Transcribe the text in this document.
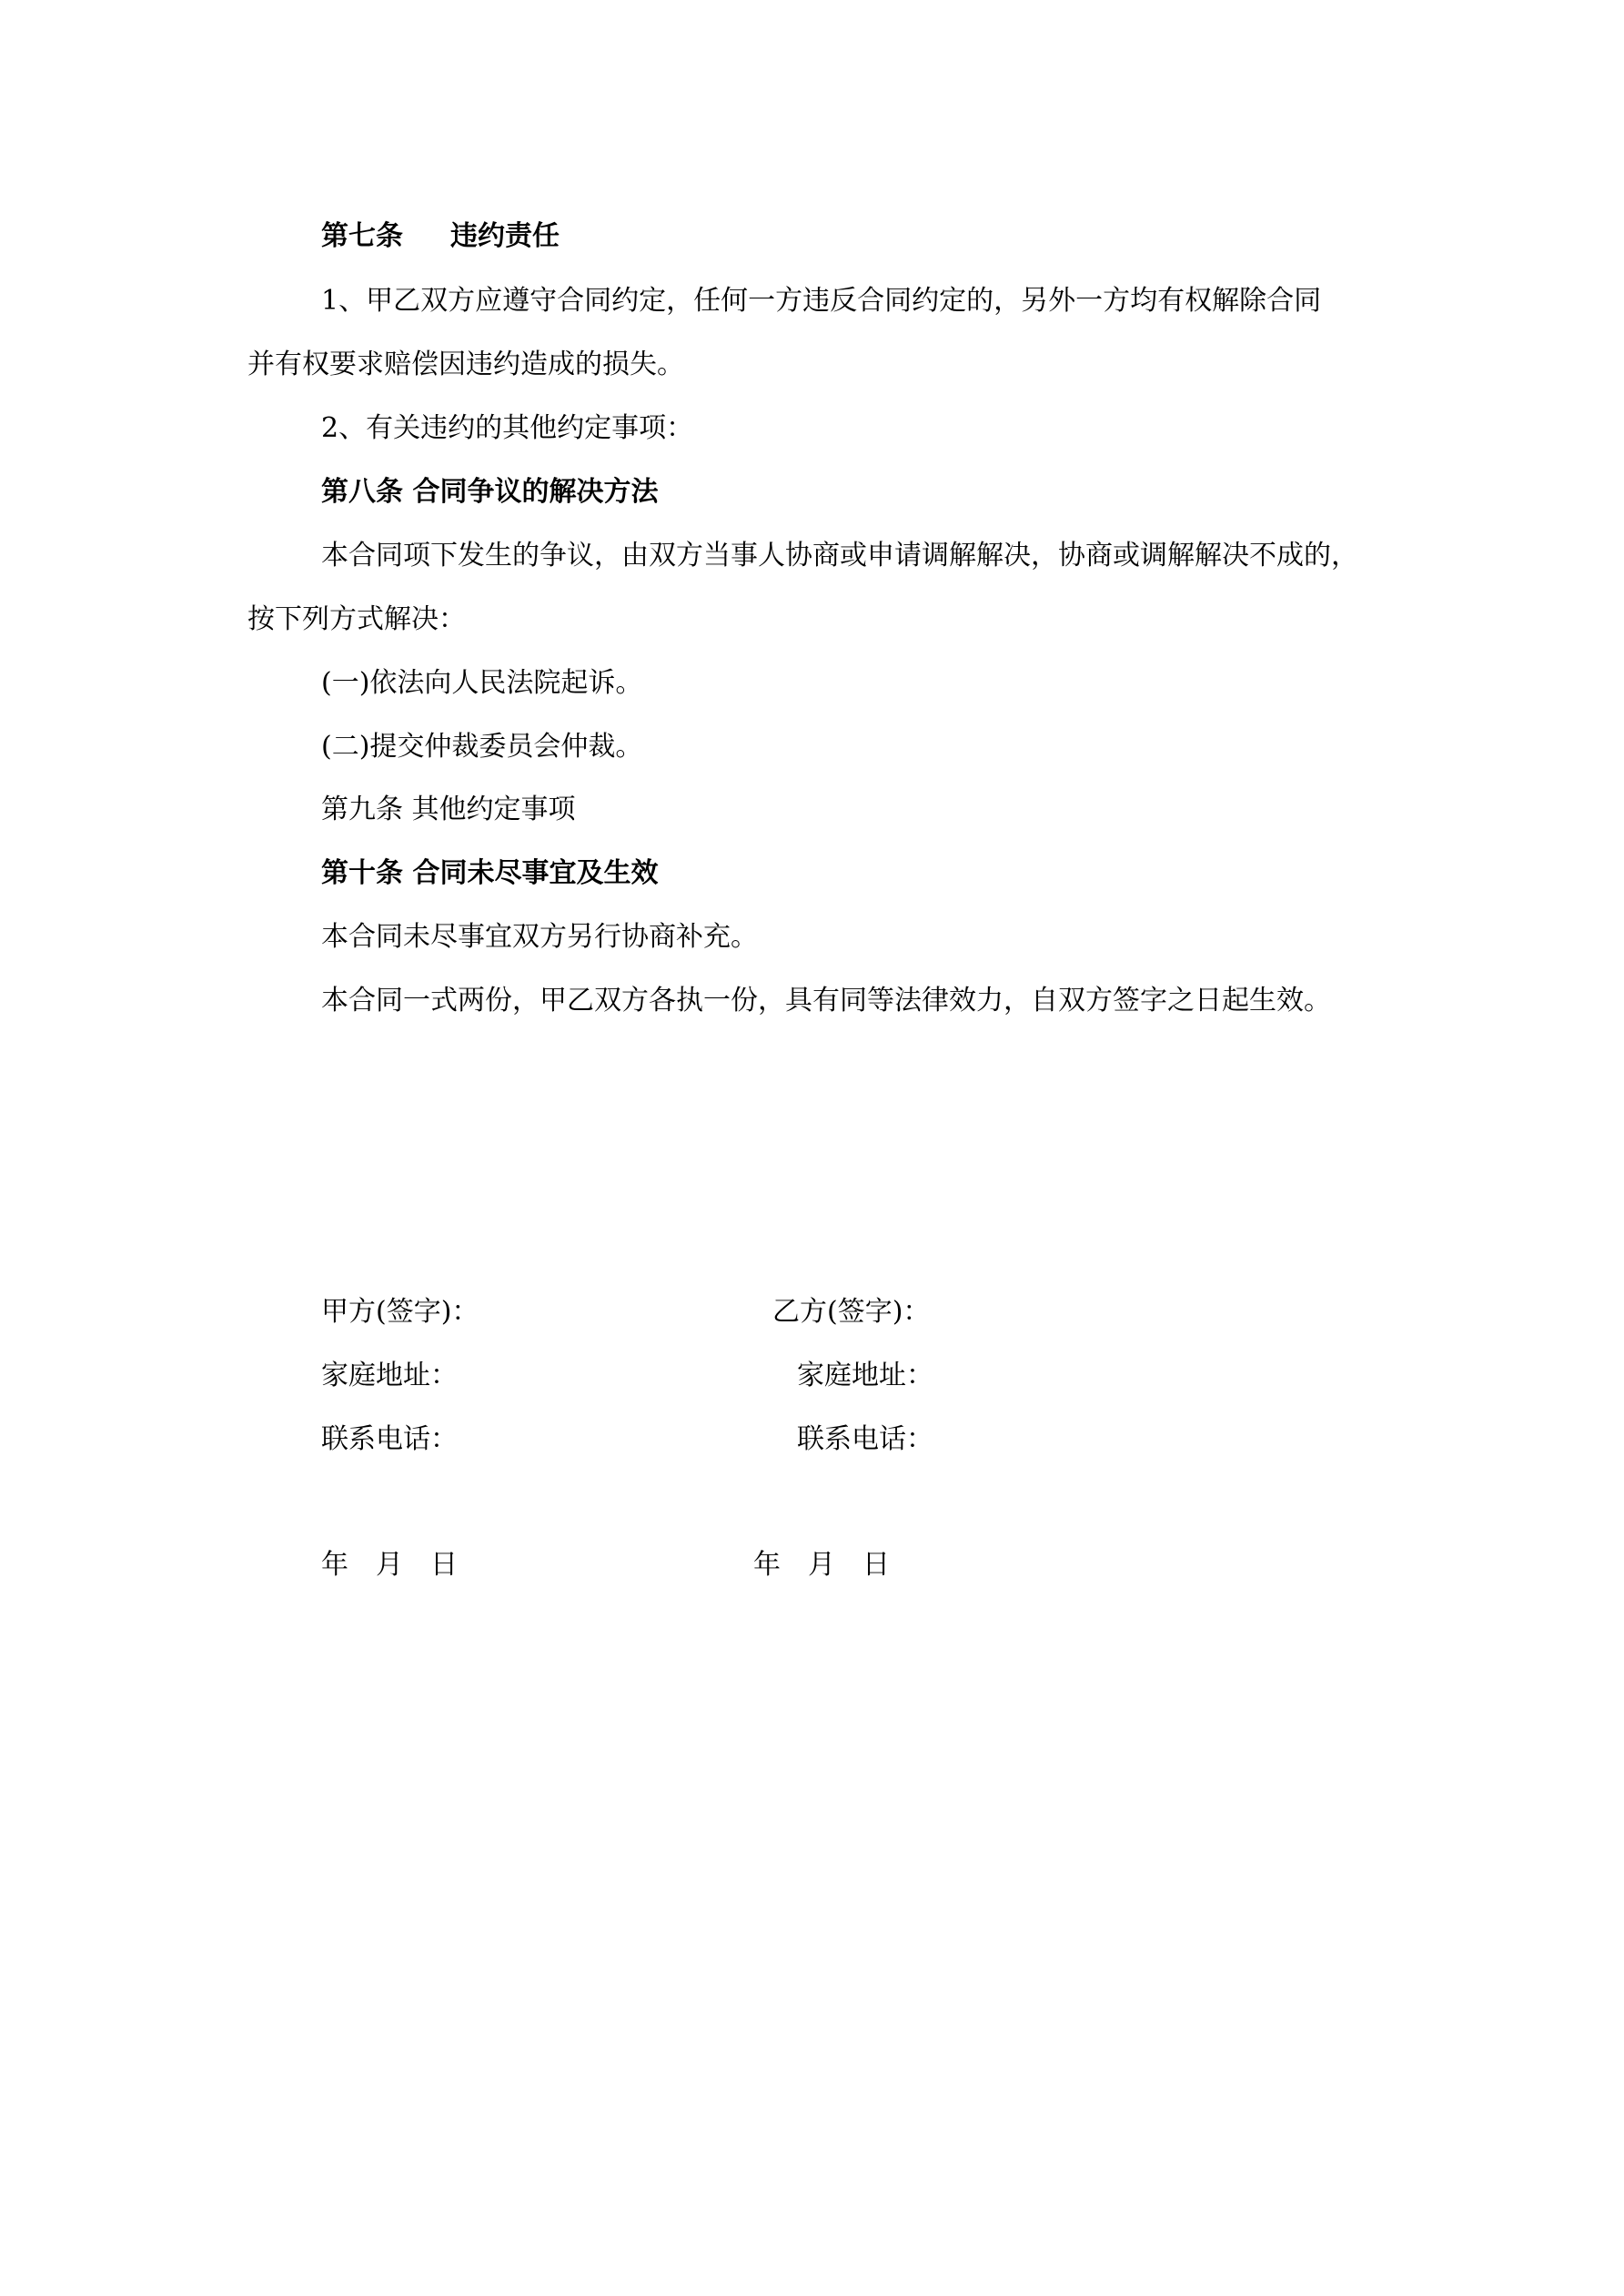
第七条 违约责任
1、甲乙双方应遵守合同约定，任何一方违反合同约定的，另外一方均有权解除合同
并有权要求赔偿因违约造成的损失。
2、有关违约的其他约定事项：
第八条 合同争议的解决方法
本合同项下发生的争议，由双方当事人协商或申请调解解决，协商或调解解决不成的，
按下列方式解决：
(一)依法向人民法院起诉。
(二)提交仲裁委员会仲裁。
第九条 其他约定事项
第十条 合同未尽事宜及生效
本合同未尽事宜双方另行协商补充。
本合同一式两份，甲乙双方各执一份，具有同等法律效力，自双方签字之日起生效。
甲方(签字)：
家庭地址：
联系电话：
年　月　日
乙方(签字)：
家庭地址：
联系电话：
年　月　日
